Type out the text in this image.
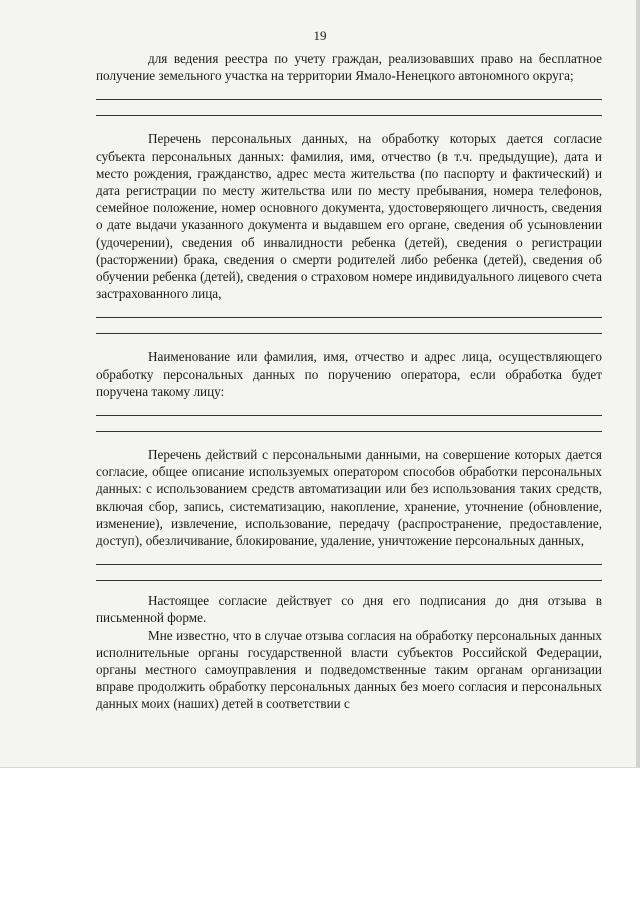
19

для ведения реестра по учету граждан, реализовавших право на бесплатное получение земельного участка на территории Ямало-Ненецкого автономного округа;

Перечень персональных данных, на обработку которых дается согласие субъекта персональных данных: фамилия, имя, отчество (в т.ч. предыдущие), дата и место рождения, гражданство, адрес места жительства (по паспорту и фактический) и дата регистрации по месту жительства или по месту пребывания, номера телефонов, семейное положение, номер основного документа, удостоверяющего личность, сведения о дате выдачи указанного документа и выдавшем его органе, сведения об усыновлении (удочерении), сведения об инвалидности ребенка (детей), сведения о регистрации (расторжении) брака, сведения о смерти родителей либо ребенка (детей), сведения об обучении ребенка (детей), сведения о страховом номере индивидуального лицевого счета застрахованного лица,

Наименование или фамилия, имя, отчество и адрес лица, осуществляющего обработку персональных данных по поручению оператора, если обработка будет поручена такому лицу:

Перечень действий с персональными данными, на совершение которых дается согласие, общее описание используемых оператором способов обработки персональных данных: с использованием средств автоматизации или без использования таких средств, включая сбор, запись, систематизацию, накопление, хранение, уточнение (обновление, изменение), извлечение, использование, передачу (распространение, предоставление, доступ), обезличивание, блокирование, удаление, уничтожение персональных данных,

Настоящее согласие действует со дня его подписания до дня отзыва в письменной форме.

Мне известно, что в случае отзыва согласия на обработку персональных данных исполнительные органы государственной власти субъектов Российской Федерации, органы местного самоуправления и подведомственные таким органам организации вправе продолжить обработку персональных данных без моего согласия и персональных данных моих (наших) детей в соответствии с
